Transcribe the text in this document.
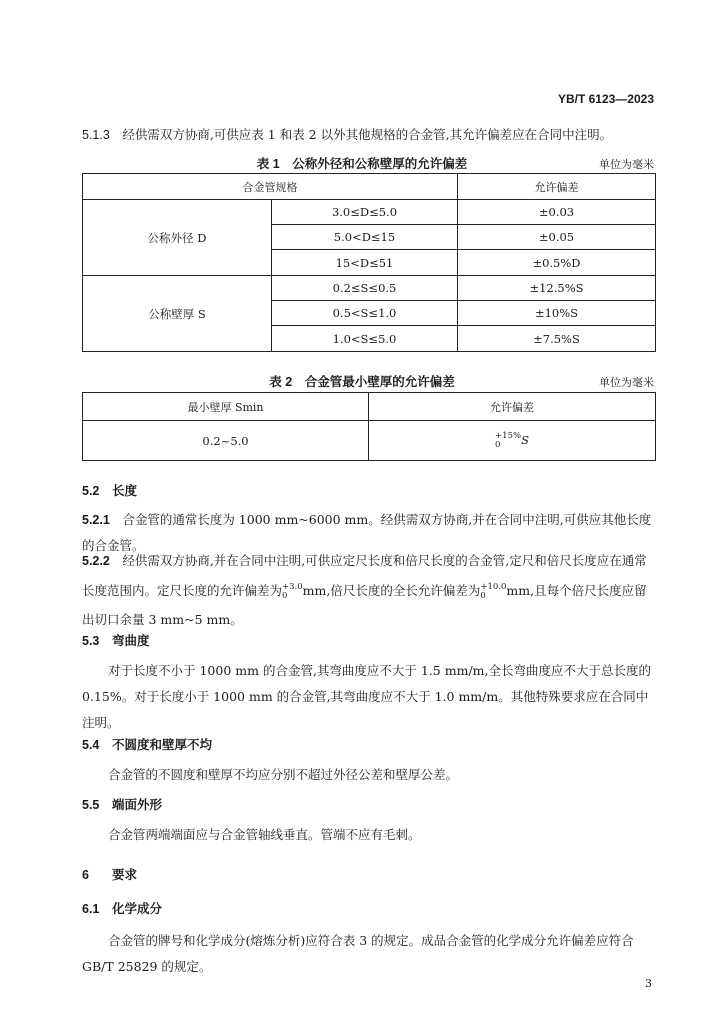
YB/T 6123—2023
5.1.3　 经供需双方协商,可供应表 1 和表 2 以外其他规格的合金管,其允许偏差应在合同中注明。
表 1　公称外径和公称壁厚的允许偏差	单位为毫米
合金管规格		允许偏差
公称外径 D	3.0≤D≤5.0	±0.03
	5.0<D≤15	±0.05
	15<D≤51	±0.5%D
公称壁厚 S	0.2≤S≤0.5	±12.5%S
	0.5<S≤1.0	±10%S
	1.0<S≤5.0	±7.5%S
表 2　合金管最小壁厚的允许偏差	单位为毫米
最小壁厚 Smin	允许偏差
0.2~5.0	+15%
0 S
5.2 长度
5.2.1　 合金管的通常长度为 1000 mm~6000 mm。经供需双方协商,并在合同中注明,可供应其他长度的合金管。
5.2.2　 经供需双方协商,并在合同中注明,可供应定尺长度和倍尺长度的合金管,定尺和倍尺长度应在通常长度范围内。定尺长度的允许偏差为 +3.0
0	mm,倍尺长度的全长允许偏差为 +10.0
0	mm,且每个倍尺长度应留出切口余量 3 mm~5 mm。
5.3 弯曲度
对于长度不小于 1000 mm 的合金管,其弯曲度应不大于 1.5 mm/m,全长弯曲度应不大于总长度的 0.15%。对于长度小于 1000 mm 的合金管,其弯曲度应不大于 1.0 mm/m。其他特殊要求应在合同中注明。
5.4 不圆度和壁厚不均
合金管的不圆度和壁厚不均应分别不超过外径公差和壁厚公差。
5.5 端面外形
合金管两端端面应与合金管轴线垂直。管端不应有毛刺。
6 要求
6.1 化学成分
合金管的牌号和化学成分(熔炼分析)应符合表 3 的规定。成品合金管的化学成分允许偏差应符合 GB/T 25829 的规定。
3
